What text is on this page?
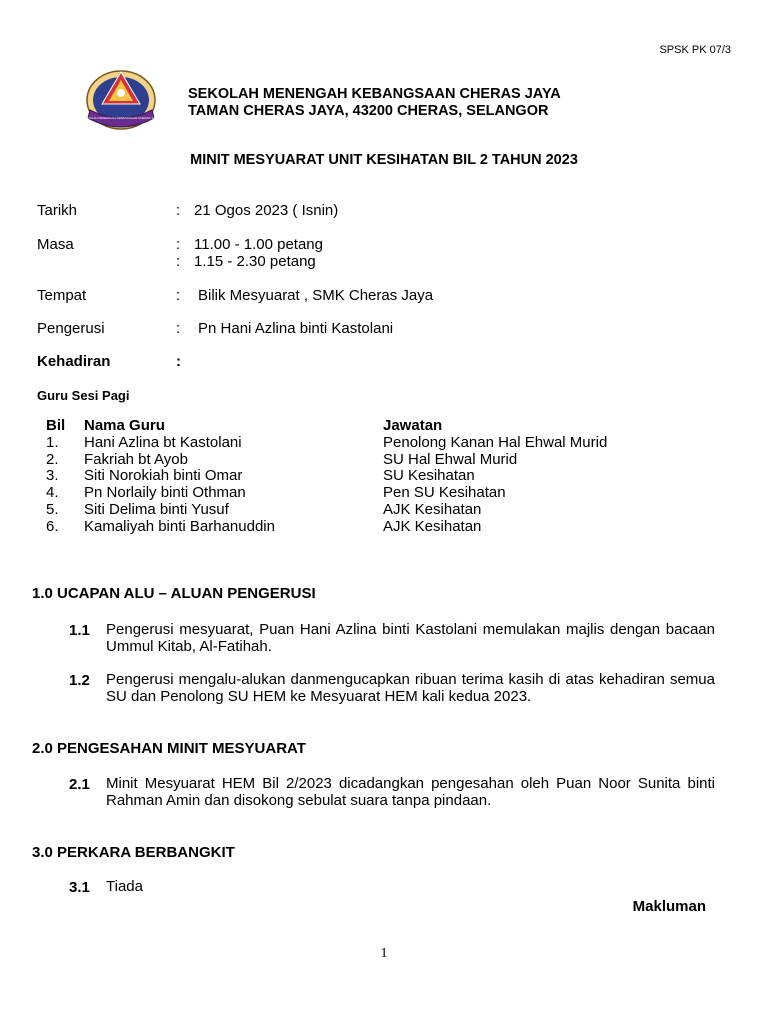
SPSK PK 07/3
SEKOLAH MENENGAH KEBANGSAAN CHERAS JAYA
SEKOLAH MENENGAH KEBANGSAAN CHERAS JAYA
TAMAN CHERAS JAYA, 43200 CHERAS, SELANGOR
MINIT MESYUARAT UNIT KESIHATAN BIL 2 TAHUN 2023
Tarikh	: 21 Ogos 2023 ( Isnin)
Masa	: 11.00 - 1.00 petang
: 1.15 - 2.30 petang
Tempat	: Bilik Mesyuarat , SMK Cheras Jaya
Pengerusi	: Pn Hani Azlina binti Kastolani
Kehadiran	:
Guru Sesi Pagi
Bil	Nama Guru	Jawatan
1.	Hani Azlina bt Kastolani	Penolong Kanan Hal Ehwal Murid
2.	Fakriah bt Ayob	SU Hal Ehwal Murid
3.	Siti Norokiah binti Omar	SU Kesihatan
4.	Pn Norlaily binti Othman	Pen SU Kesihatan
5.	Siti Delima binti Yusuf	AJK Kesihatan
6.	Kamaliyah binti Barhanuddin	AJK Kesihatan
1.0 UCAPAN ALU – ALUAN PENGERUSI
1.1 Pengerusi mesyuarat, Puan Hani Azlina binti Kastolani memulakan majlis dengan bacaan Ummul Kitab, Al-Fatihah.
1.2 Pengerusi mengalu-alukan danmengucapkan ribuan terima kasih di atas kehadiran semua SU dan Penolong SU HEM ke Mesyuarat HEM kali kedua 2023.
2.0 PENGESAHAN MINIT MESYUARAT
2.1 Minit Mesyuarat HEM Bil 2/2023 dicadangkan pengesahan oleh Puan Noor Sunita binti Rahman Amin dan disokong sebulat suara tanpa pindaan.
3.0 PERKARA BERBANGKIT
3.1 Tiada
Makluman
1
